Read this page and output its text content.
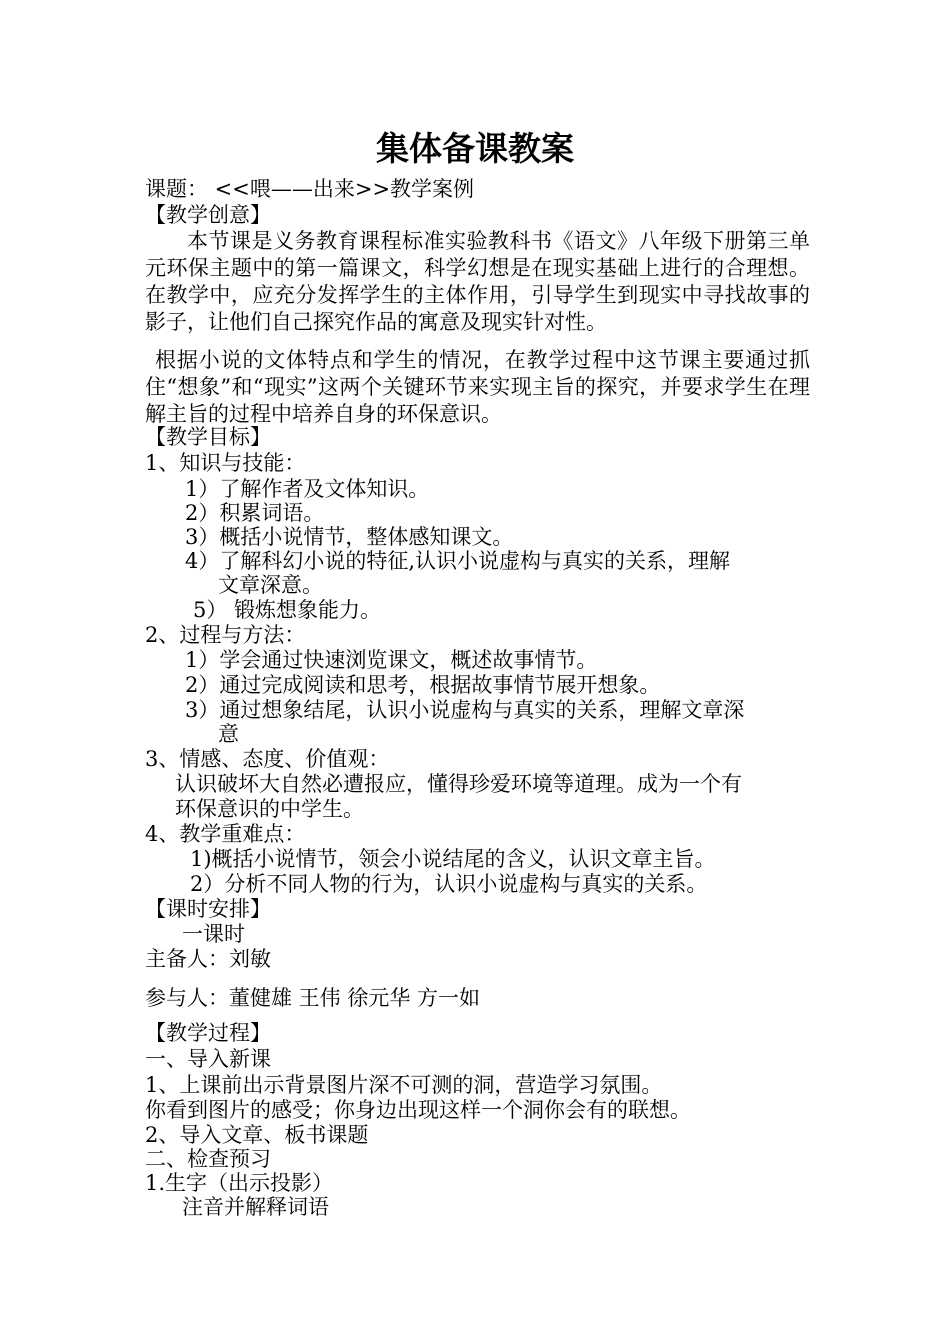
集体备课教案
课题： <<喂——出来>>教学案例
【教学创意】
本节课是义务教育课程标准实验教科书《语文》八年级下册第三单元环保主题中的第一篇课文，科学幻想是在现实基础上进行的合理想。在教学中，应充分发挥学生的主体作用，引导学生到现实中寻找故事的影子，让他们自己探究作品的寓意及现实针对性。
根据小说的文体特点和学生的情况，在教学过程中这节课主要通过抓住“想象”和“现实”这两个关键环节来实现主旨的探究，并要求学生在理解主旨的过程中培养自身的环保意识。
【教学目标】
1、知识与技能：
1）了解作者及文体知识。
2）积累词语。
3）概括小说情节，整体感知课文。
4）了解科幻小说的特征,认识小说虚构与真实的关系，理解
文章深意。
5） 锻炼想象能力。
2、过程与方法：
1）学会通过快速浏览课文，概述故事情节。
2）通过完成阅读和思考，根据故事情节展开想象。
3）通过想象结尾，认识小说虚构与真实的关系，理解文章深
意
3、情感、态度、价值观：
认识破坏大自然必遭报应，懂得珍爱环境等道理。成为一个有
环保意识的中学生。
4、教学重难点：
1)概括小说情节，领会小说结尾的含义，认识文章主旨。
2）分析不同人物的行为，认识小说虚构与真实的关系。
【课时安排】
一课时
主备人：刘敏
参与人：董健雄 王伟 徐元华 方一如
【教学过程】
一、导入新课
1、上课前出示背景图片深不可测的洞，营造学习氛围。
你看到图片的感受；你身边出现这样一个洞你会有的联想。
2、导入文章、板书课题
二、检查预习
1.生字（出示投影）
注音并解释词语
